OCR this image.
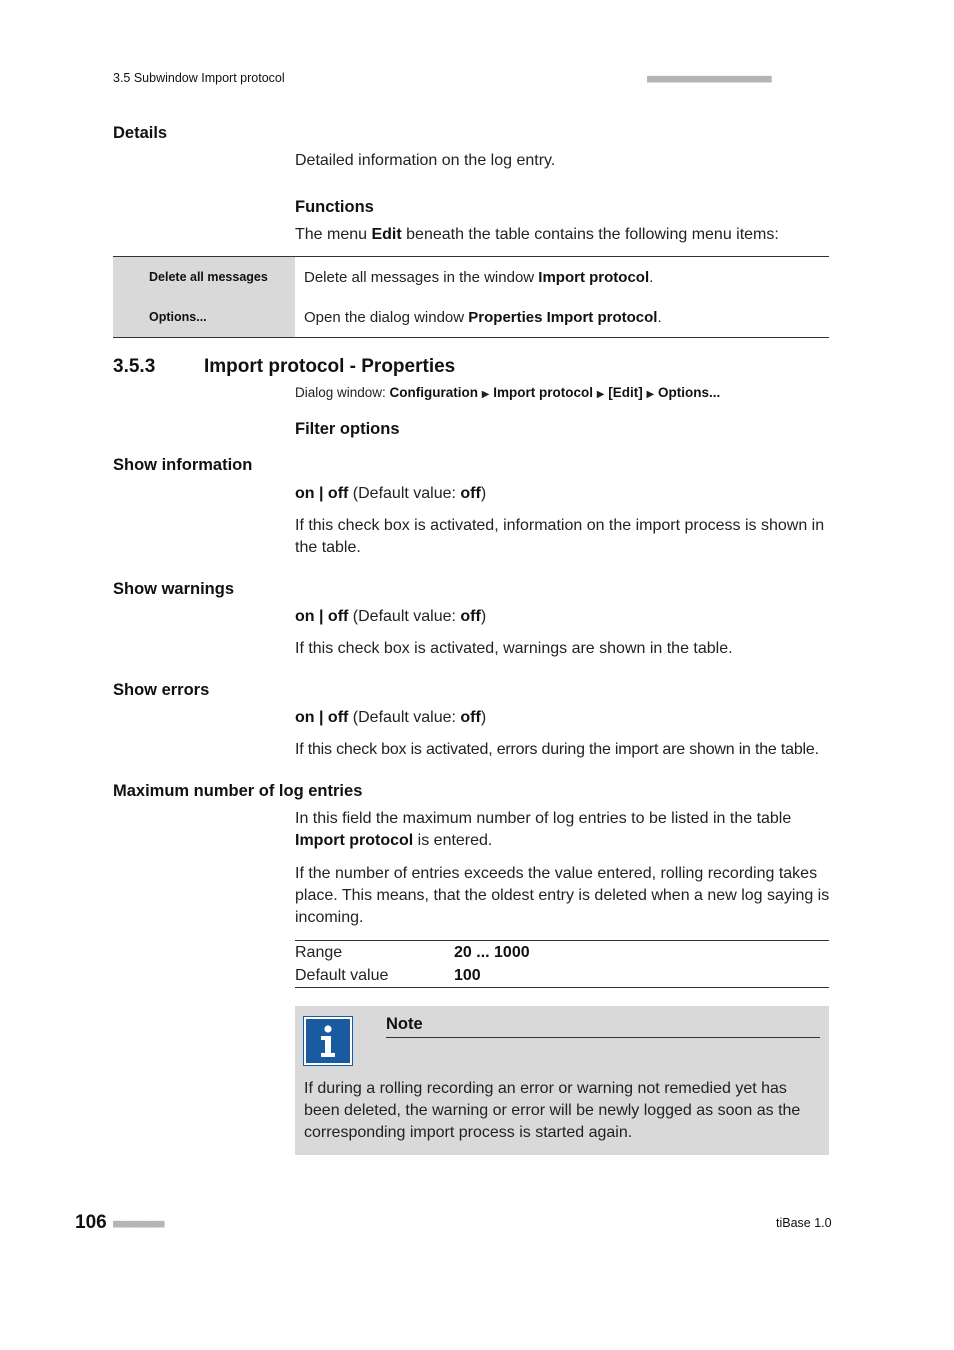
3.5 Subwindow Import protocol	■■■■■■■■■■■■■■■■■■■■■■
Details
Detailed information on the log entry.
Functions
The menu Edit beneath the table contains the following menu items:
Delete all messages	Delete all messages in the window
Import protocol .
Options...	Open the dialog window
Properties Import protocol .
3.5.3	Import protocol - Properties
Dialog window: Configuration ▶ Import protocol ▶ [Edit] ▶ Options...
Filter options
Show information
on | off (Default value: off)
If this check box is activated, information on the import process is shown in the table.
Show warnings
on | off (Default value: off)
If this check box is activated, warnings are shown in the table.
Show errors
on | off (Default value: off)
If this check box is activated, errors during the import are shown in the table.
Maximum number of log entries
In this field the maximum number of log entries to be listed in the table Import protocol is entered.
If the number of entries exceeds the value entered, rolling recording takes place. This means, that the oldest entry is deleted when a new log saying is incoming.
Range	20 ... 1000
Default value	100
Note
If during a rolling recording an error or warning not remedied yet has been deleted, the warning or error will be newly logged as soon as the corresponding import process is started again.
106 ■■■■■■■■■	tiBase 1.0
